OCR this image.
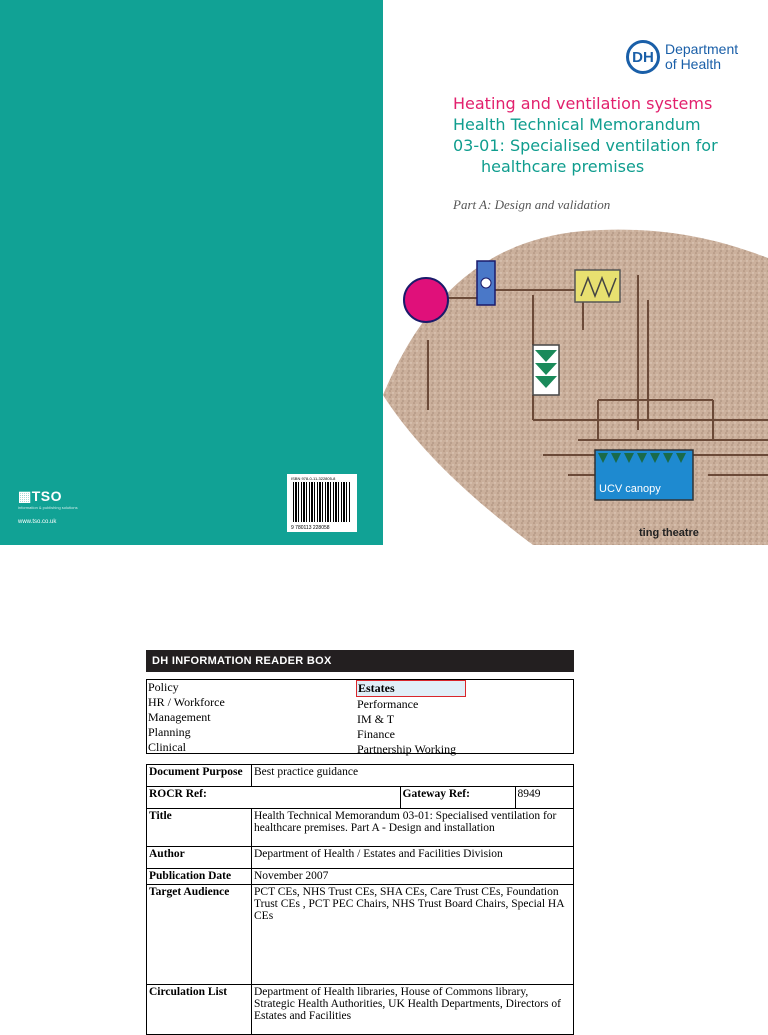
▦TSO
information & publishing solutions
www.tso.co.uk
ISBN 978-0-11-322805-8
9 780113 228058
UCV canopy
ting theatre
DH Department
of Health
Heating and ventilation systems
Health Technical Memorandum
03-01: Specialised ventilation for
healthcare premises
Part A: Design and validation
DH INFORMATION READER BOX
Policy
HR / Workforce
Management
Planning
Clinical
Estates
Performance
IM & T
Finance
Partnership Working
Document Purpose	Best practice guidance		
ROCR Ref:		Gateway Ref:	8949
Title	Health Technical Memorandum 03-01: Specialised ventilation for healthcare premises. Part A - Design and installation		
Author	Department of Health / Estates and Facilities Division		
Publication Date	November 2007		
Target Audience	PCT CEs, NHS Trust CEs, SHA CEs, Care Trust CEs, Foundation Trust CEs , PCT PEC Chairs, NHS Trust Board Chairs, Special HA CEs		
Circulation List	Department of Health libraries, House of Commons library, Strategic Health Authorities, UK Health Departments, Directors of Estates and Facilities		
